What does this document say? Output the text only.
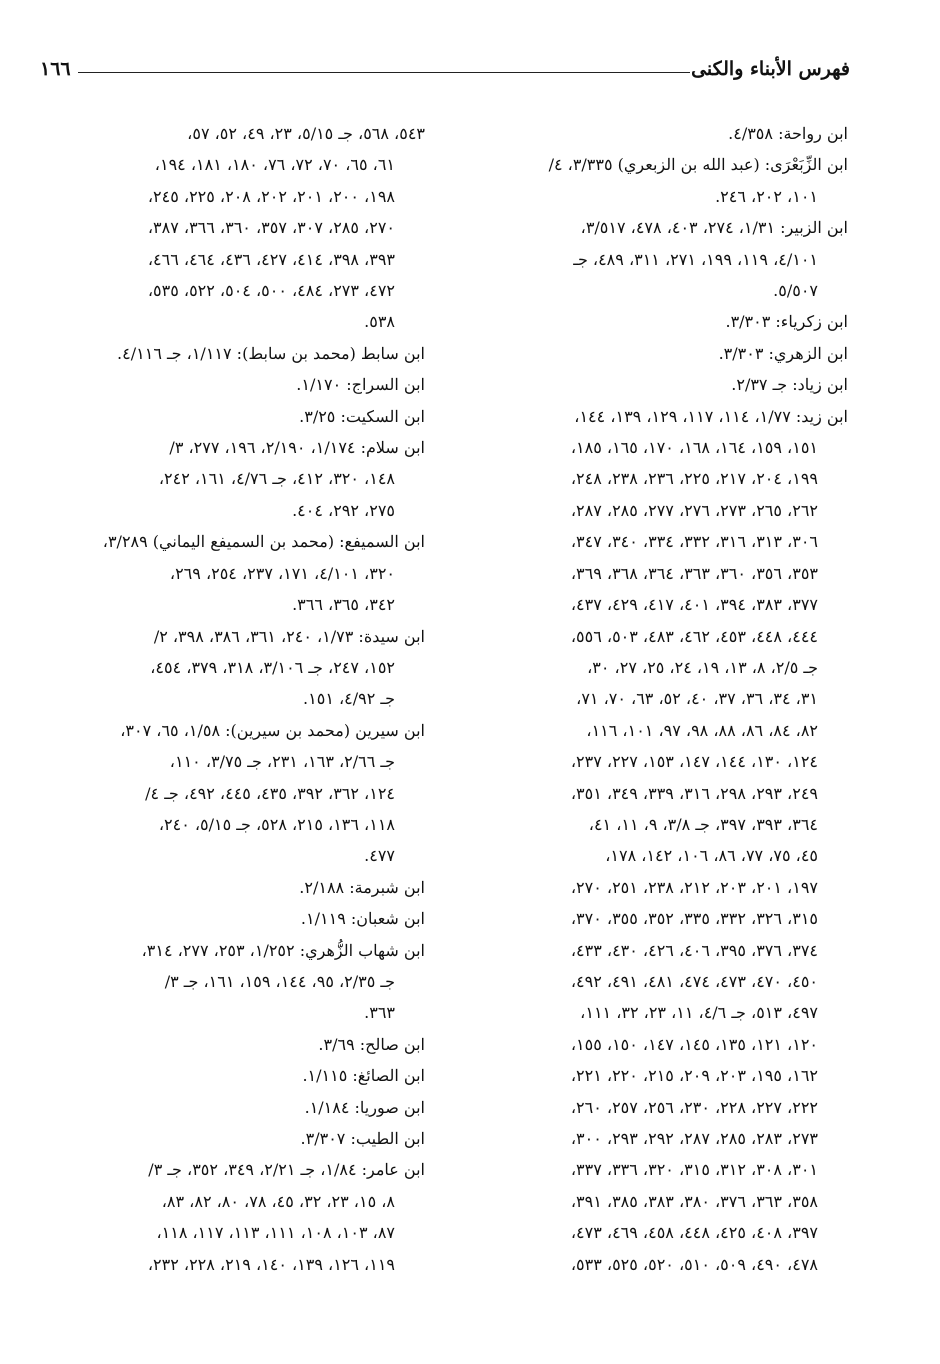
فهرس الأبناء والكنى
١٦٦
ابن رواحة: ٤/٣٥٨.
ابن الزِّبَعْرَى: (عبد الله بن الزبعري) ٣/٣٣٥، ٤/
١٠١، ٢٠٢، ٢٤٦.
ابن الزبير: ١/٣١، ٢٧٤، ٤٠٣، ٤٧٨، ٣/٥١٧،
٤/١٠١، ١١٩، ١٩٩، ٢٧١، ٣١١، ٤٨٩، جـ
٥/٥٠٧.
ابن زكرياء: ٣/٣٠٣.
ابن الزهري: ٣/٣٠٣.
ابن زياد: جـ ٢/٣٧.
ابن زيد: ١/٧٧، ١١٤، ١١٧، ١٢٩، ١٣٩، ١٤٤،
١٥١، ١٥٩، ١٦٤، ١٦٨، ١٧٠، ١٦٥، ١٨٥،
١٩٩، ٢٠٤، ٢١٧، ٢٢٥، ٢٣٦، ٢٣٨، ٢٤٨،
٢٦٢، ٢٦٥، ٢٧٣، ٢٧٦، ٢٧٧، ٢٨٥، ٢٨٧،
٣٠٦، ٣١٣، ٣١٦، ٣٣٢، ٣٣٤، ٣٤٠، ٣٤٧،
٣٥٣، ٣٥٦، ٣٦٠، ٣٦٣، ٣٦٤، ٣٦٨، ٣٦٩،
٣٧٧، ٣٨٣، ٣٩٤، ٤٠١، ٤١٧، ٤٢٩، ٤٣٧،
٤٤٤، ٤٤٨، ٤٥٣، ٤٦٢، ٤٨٣، ٥٠٣، ٥٥٦،
جـ ٢/٥، ٨، ١٣، ١٩، ٢٤، ٢٥، ٢٧، ٣٠،
٣١، ٣٤، ٣٦، ٣٧، ٤٠، ٥٢، ٦٣، ٧٠، ٧١،
٨٢، ٨٤، ٨٦، ٨٨، ٩٨، ٩٧، ١٠١، ١١٦،
١٢٤، ١٣٠، ١٤٤، ١٤٧، ١٥٣، ٢٢٧، ٢٣٧،
٢٤٩، ٢٩٣، ٢٩٨، ٣١٦، ٣٣٩، ٣٤٩، ٣٥١،
٣٦٤، ٣٩٣، ٣٩٧، جـ ٣/٨، ٩، ١١، ٤١،
٤٥، ٧٥، ٧٧، ٨٦، ١٠٦، ١٤٢، ١٧٨،
١٩٧، ٢٠١، ٢٠٣، ٢١٢، ٢٣٨، ٢٥١، ٢٧٠،
٣١٥، ٣٢٦، ٣٣٢، ٣٣٥، ٣٥٢، ٣٥٥، ٣٧٠،
٣٧٤، ٣٧٦، ٣٩٥، ٤٠٦، ٤٢٦، ٤٣٠، ٤٣٣،
٤٥٠، ٤٧٠، ٤٧٣، ٤٧٤، ٤٨١، ٤٩١، ٤٩٢،
٤٩٧، ٥١٣، جـ ٤/٦، ١١، ٢٣، ٣٢، ١١١،
١٢٠، ١٢١، ١٣٥، ١٤٥، ١٤٧، ١٥٠، ١٥٥،
١٦٢، ١٩٥، ٢٠٣، ٢٠٩، ٢١٥، ٢٢٠، ٢٢١،
٢٢٢، ٢٢٧، ٢٢٨، ٢٣٠، ٢٥٦، ٢٥٧، ٢٦٠،
٢٧٣، ٢٨٣، ٢٨٥، ٢٨٧، ٢٩٢، ٢٩٣، ٣٠٠،
٣٠١، ٣٠٨، ٣١٢، ٣١٥، ٣٢٠، ٣٣٦، ٣٣٧،
٣٥٨، ٣٦٣، ٣٧٦، ٣٨٠، ٣٨٣، ٣٨٥، ٣٩١،
٣٩٧، ٤٠٨، ٤٢٥، ٤٤٨، ٤٥٨، ٤٦٩، ٤٧٣،
٤٧٨، ٤٩٠، ٥٠٩، ٥١٠، ٥٢٠، ٥٢٥، ٥٣٣،
٥٤٣، ٥٦٨، جـ ٥/١٥، ٢٣، ٤٩، ٥٢، ٥٧،
٦١، ٦٥، ٧٠، ٧٢، ٧٦، ١٨٠، ١٨١، ١٩٤،
١٩٨، ٢٠٠، ٢٠١، ٢٠٢، ٢٠٨، ٢٢٥، ٢٤٥،
٢٧٠، ٢٨٥، ٣٠٧، ٣٥٧، ٣٦٠، ٣٦٦، ٣٨٧،
٣٩٣، ٣٩٨، ٤١٤، ٤٢٧، ٤٣٦، ٤٦٤، ٤٦٦،
٤٧٢، ٢٧٣، ٤٨٤، ٥٠٠، ٥٠٤، ٥٢٢، ٥٣٥،
٥٣٨.
ابن سابط (محمد بن سابط): ١/١١٧، جـ ٤/١١٦.
ابن السراج: ١/١٧٠.
ابن السكيت: ٣/٢٥.
ابن سلام: ١/١٧٤، ٢/١٩٠، ١٩٦، ٢٧٧، ٣/
١٤٨، ٣٢٠، ٤١٢، جـ ٤/٧٦، ١٦١، ٢٤٢،
٢٧٥، ٢٩٢، ٤٠٤.
ابن السميفع: (محمد بن السميفع اليماني) ٣/٢٨٩،
٣٢٠، ٤/١٠١، ١٧١، ٢٣٧، ٢٥٤، ٢٦٩،
٣٤٢، ٣٦٥، ٣٦٦.
ابن سيدة: ١/٧٣، ٢٤٠، ٣٦١، ٣٨٦، ٣٩٨، ٢/
١٥٢، ٢٤٧، جـ ٣/١٠٦، ٣١٨، ٣٧٩، ٤٥٤،
جـ ٤/٩٢، ١٥١.
ابن سيرين (محمد بن سيرين): ١/٥٨، ٦٥، ٣٠٧،
جـ ٢/٦٦، ١٦٣، ٢٣١، جـ ٣/٧٥، ١١٠،
١٢٤، ٣٦٢، ٣٩٢، ٤٣٥، ٤٤٥، ٤٩٢، جـ ٤/
١١٨، ١٣٦، ٢١٥، ٥٢٨، جـ ٥/١٥، ٢٤٠،
٤٧٧.
ابن شبرمة: ٢/١٨٨.
ابن شعبان: ١/١١٩.
ابن شهاب الزُّهري: ١/٢٥٢، ٢٥٣، ٢٧٧، ٣١٤،
جـ ٢/٣٥، ٩٥، ١٤٤، ١٥٩، ١٦١، جـ ٣/
٣٦٣.
ابن صالح: ٣/٦٩.
ابن الصائغ: ١/١١٥.
ابن صوريا: ١/١٨٤.
ابن الطيب: ٣/٣٠٧.
ابن عامر: ١/٨٤، جـ ٢/٢١، ٣٤٩، ٣٥٢، جـ ٣/
٨، ١٥، ٢٣، ٣٢، ٤٥، ٧٨، ٨٠، ٨٢، ٨٣،
٨٧، ١٠٣، ١٠٨، ١١١، ١١٣، ١١٧، ١١٨،
١١٩، ١٢٦، ١٣٩، ١٤٠، ٢١٩، ٢٢٨، ٢٣٢،
